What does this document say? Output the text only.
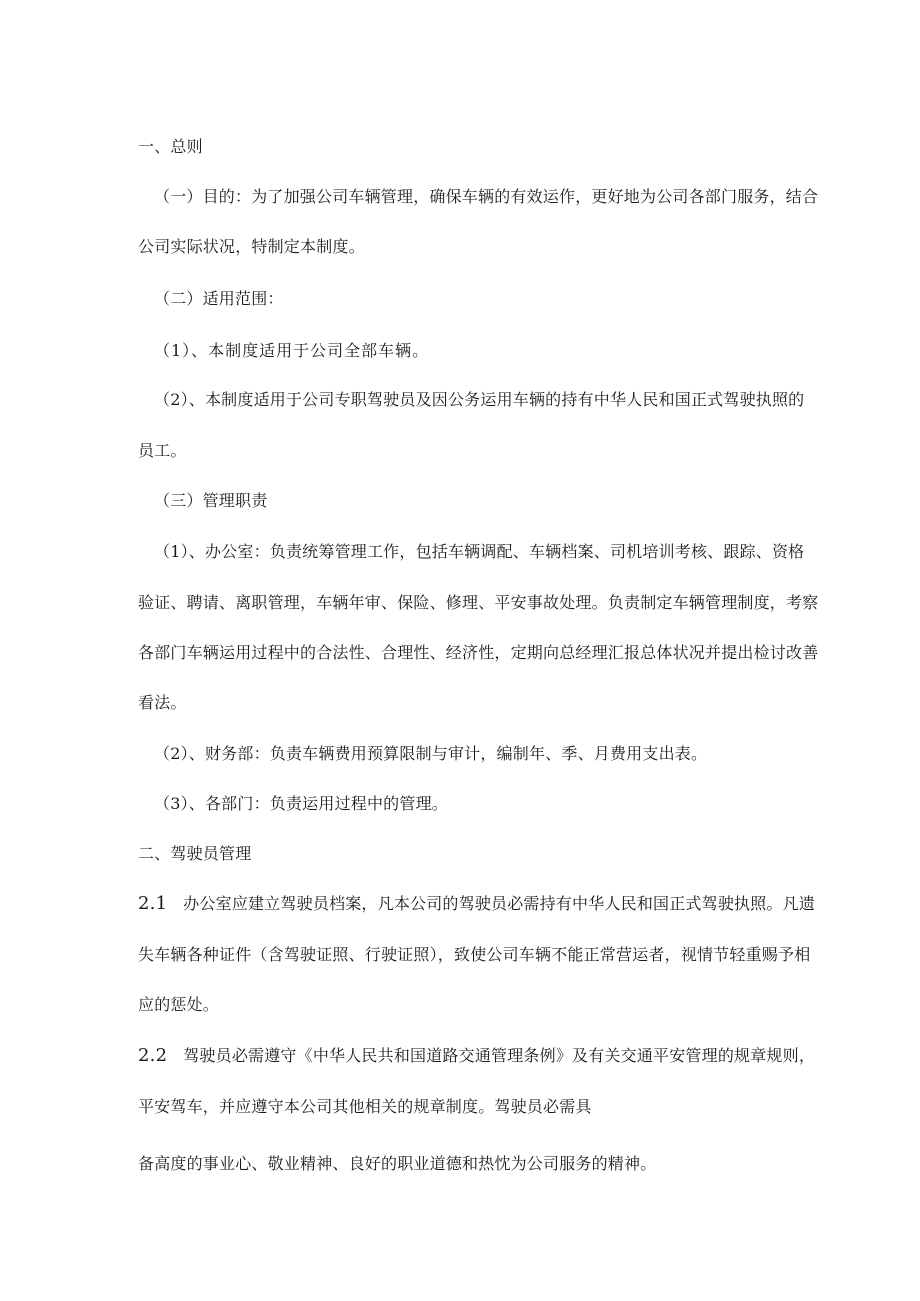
一、总则
（一）目的：为了加强公司车辆管理，确保车辆的有效运作，更好地为公司各部门服务，结合
公司实际状况，特制定本制度。
（二）适用范围：
（1）、本制度适用于公司全部车辆。
（2）、本制度适用于公司专职驾驶员及因公务运用车辆的持有中华人民和国正式驾驶执照的
员工。
（三）管理职责
（1）、办公室：负责统筹管理工作，包括车辆调配、车辆档案、司机培训考核、跟踪、资格
验证、聘请、离职管理，车辆年审、保险、修理、平安事故处理。负责制定车辆管理制度，考察
各部门车辆运用过程中的合法性、合理性、经济性，定期向总经理汇报总体状况并提出检讨改善
看法。
（2）、财务部：负责车辆费用预算限制与审计，编制年、季、月费用支出表。
（3）、各部门：负责运用过程中的管理。
二、驾驶员管理
2.1 办公室应建立驾驶员档案，凡本公司的驾驶员必需持有中华人民和国正式驾驶执照。凡遗
失车辆各种证件（含驾驶证照、行驶证照），致使公司车辆不能正常营运者，视情节轻重赐予相
应的惩处。
2.2 驾驶员必需遵守《中华人民共和国道路交通管理条例》及有关交通平安管理的规章规则，
平安驾车，并应遵守本公司其他相关的规章制度。驾驶员必需具
备高度的事业心、敬业精神、良好的职业道德和热忱为公司服务的精神。
